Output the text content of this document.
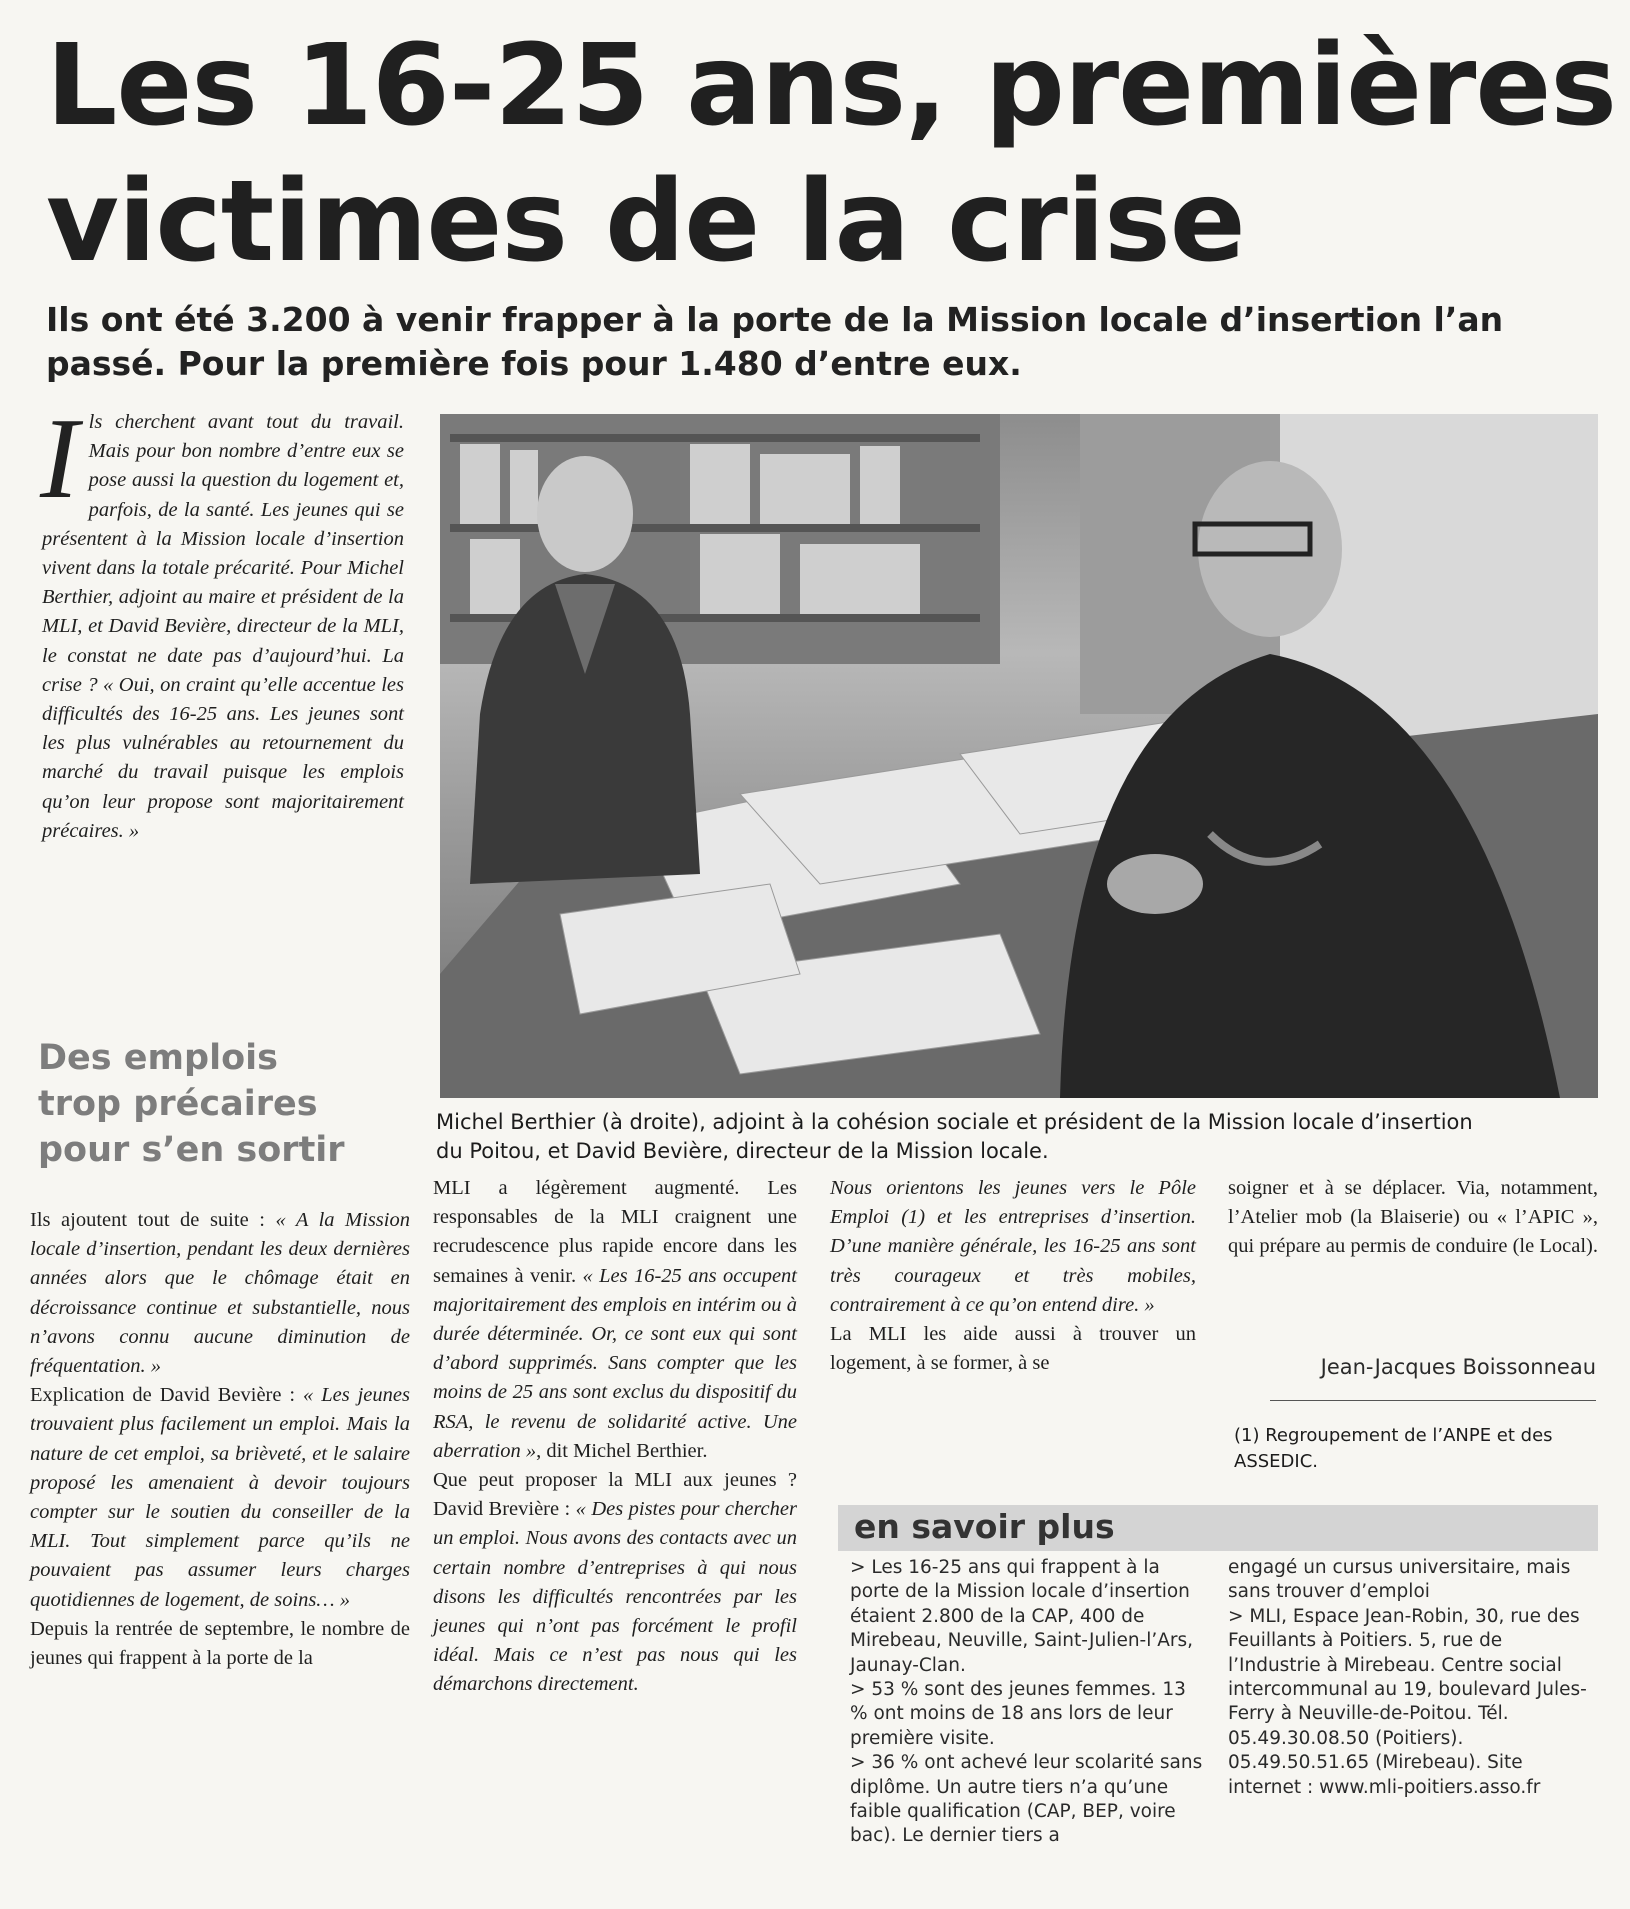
Les 16-25 ans, premières
victimes de la crise
Ils ont été 3.200 à venir frapper à la porte de la Mission locale d’insertion l’an
passé. Pour la première fois pour 1.480 d’entre eux.
I ls cherchent avant tout du travail. Mais pour bon nombre d’entre eux se pose aussi la question du logement et, parfois, de la santé. Les jeunes qui se présentent à la Mission locale d’insertion vivent dans la totale précarité. Pour Michel Berthier, adjoint au maire et président de la MLI, et David Bevière, directeur de la MLI, le constat ne date pas d’aujourd’hui. La crise ? « Oui, on craint qu’elle accentue les difficultés des 16-25 ans. Les jeunes sont les plus vulnérables au retournement du marché du travail puisque les emplois qu’on leur propose sont majoritairement précaires. »
Des emplois
trop précaires
pour s’en sortir
Michel Berthier (à droite), adjoint à la cohésion sociale et président de la Mission locale d’insertion
du Poitou, et David Bevière, directeur de la Mission locale.
Ils ajoutent tout de suite : « A la Mission locale d’insertion, pendant les deux dernières années alors que le chômage était en décroissance continue et substantielle, nous n’avons connu aucune diminution de fréquentation. »
Explication de David Bevière : « Les jeunes trouvaient plus facilement un emploi. Mais la nature de cet emploi, sa brièveté, et le salaire proposé les amenaient à devoir toujours compter sur le soutien du conseiller de la MLI. Tout simplement parce qu’ils ne pouvaient pas assumer leurs charges quotidiennes de logement, de soins… »
Depuis la rentrée de septembre, le nombre de jeunes qui frappent à la porte de la
MLI a légèrement augmenté. Les responsables de la MLI craignent une recrudescence plus rapide encore dans les semaines à venir. « Les 16-25 ans occupent majoritairement des emplois en intérim ou à durée déterminée. Or, ce sont eux qui sont d’abord supprimés. Sans compter que les moins de 25 ans sont exclus du dispositif du RSA, le revenu de solidarité active. Une aberration », dit Michel Berthier.
Que peut proposer la MLI aux jeunes ? David Brevière : « Des pistes pour chercher un emploi. Nous avons des contacts avec un certain nombre d’entreprises à qui nous disons les difficultés rencontrées par les jeunes qui n’ont pas forcément le profil idéal. Mais ce n’est pas nous qui les démarchons directement.
Nous orientons les jeunes vers le Pôle Emploi (1) et les entreprises d’insertion. D’une manière générale, les 16-25 ans sont très courageux et très mobiles, contrairement à ce qu’on entend dire. »
La MLI les aide aussi à trouver un logement, à se former, à se
soigner et à se déplacer. Via, notamment, l’Atelier mob (la Blaiserie) ou « l’APIC », qui prépare au permis de conduire (le Local).
Jean-Jacques Boissonneau
(1) Regroupement de l’ANPE et des ASSEDIC.
en savoir plus

> Les 16-25 ans qui frappent à la porte de la Mission locale d’insertion étaient 2.800 de la CAP, 400 de Mirebeau, Neuville, Saint-Julien-l’Ars, Jaunay-Clan.

> 53 % sont des jeunes femmes. 13 % ont moins de 18 ans lors de leur première visite.

> 36 % ont achevé leur scolarité sans diplôme. Un autre tiers n’a qu’une faible qualification (CAP, BEP, voire bac). Le dernier tiers a

engagé un cursus universitaire, mais sans trouver d’emploi

> MLI, Espace Jean-Robin, 30, rue des Feuillants à Poitiers. 5, rue de l’Industrie à Mirebeau. Centre social intercommunal au 19, boulevard Jules-Ferry à Neuville-de-Poitou. Tél. 05.49.30.08.50 (Poitiers). 05.49.50.51.65 (Mirebeau). Site internet : www.mli-poitiers.asso.fr
